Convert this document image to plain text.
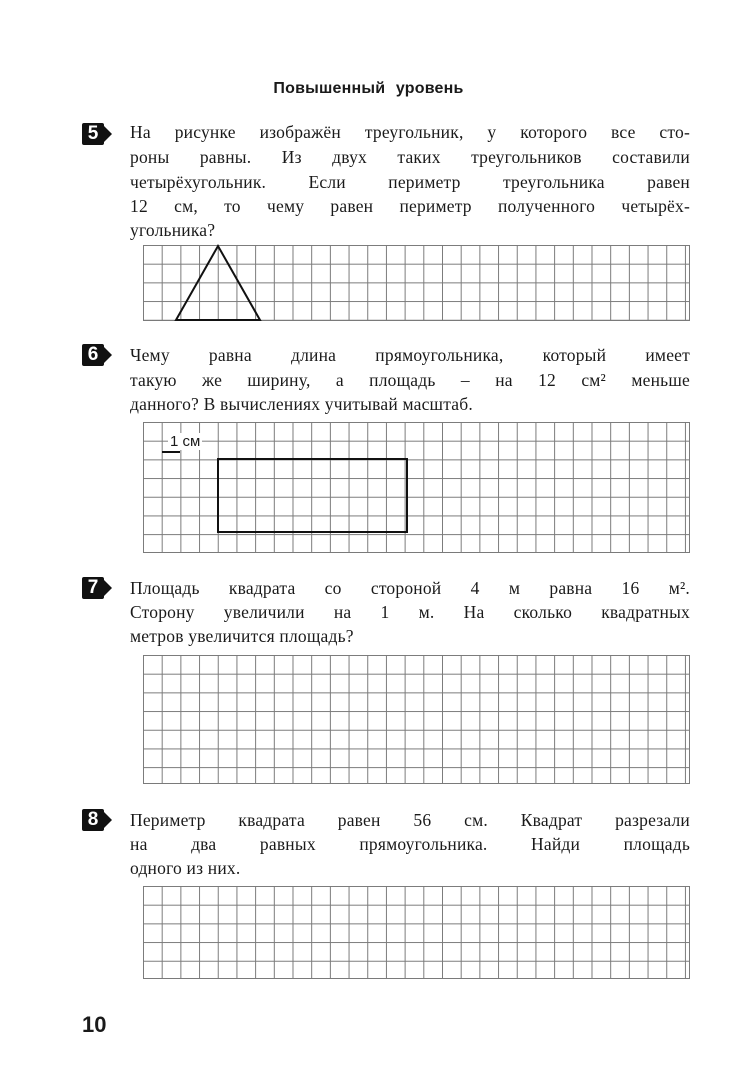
Повышенный уровень
5	На рисунке изображён треугольник, у которого все сто-
роны равны. Из двух таких треугольников составили
четырёхугольник. Если периметр треугольника равен
12 см, то чему равен периметр полученного четырёх-
угольника?
6	Чему равна длина прямоугольника, который имеет
такую же ширину, а площадь – на 12 см² меньше
данного? В вычислениях учитывай масштаб.
1 см
7	Площадь квадрата со стороной 4 м равна 16 м².
Сторону увеличили на 1 м. На сколько квадратных
метров увеличится площадь?
8	Периметр квадрата равен 56 см. Квадрат разрезали
на два равных прямоугольника. Найди площадь
одного из них.
10
